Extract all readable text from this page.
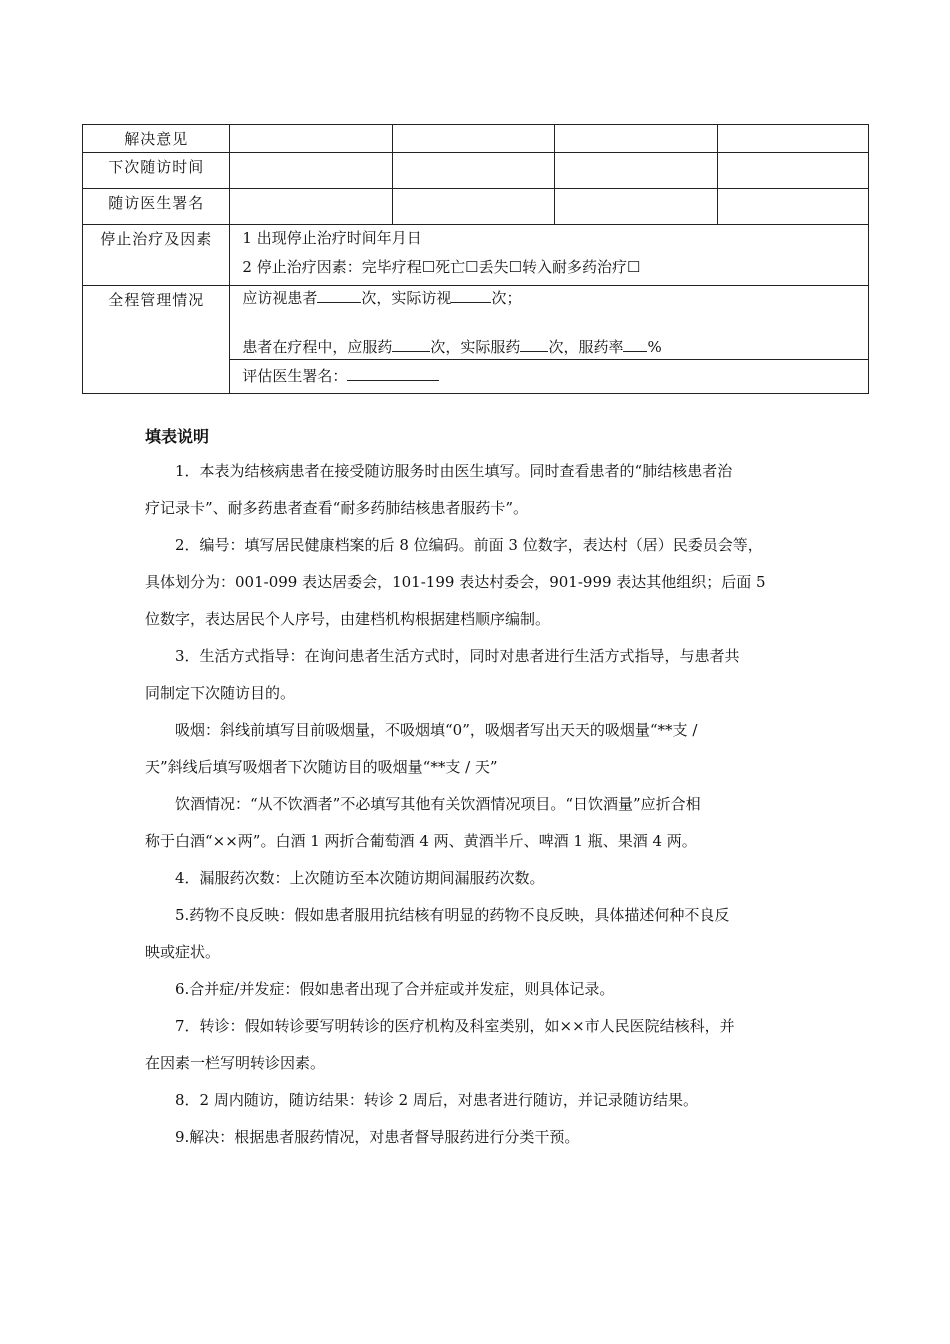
解决意见				

下次随访时间				

随访医生署名				

停止治疗及因素	1 出现停止治疗时间年月日
2 停止治疗因素：完毕疗程☐死亡☐丢失☐转入耐多药治疗☐			

全程管理情况	应访视患者 次，实际访视 次；
患者在疗程中，应服药 次，实际服药 次，服药率 %			

	评估医生署名：			
填表说明

1．本表为结核病患者在接受随访服务时由医生填写。同时查看患者的“肺结核患者治

疗记录卡”、耐多药患者查看“耐多药肺结核患者服药卡”。

2．编号：填写居民健康档案的后 8 位编码。前面 3 位数字，表达村（居）民委员会等，

具体划分为：001-099 表达居委会，101-199 表达村委会，901-999 表达其他组织；后面 5

位数字，表达居民个人序号，由建档机构根据建档顺序编制。

3．生活方式指导：在询问患者生活方式时，同时对患者进行生活方式指导，与患者共

同制定下次随访目的。

吸烟：斜线前填写目前吸烟量，不吸烟填“0”，吸烟者写出天天的吸烟量“**支 /

天”斜线后填写吸烟者下次随访目的吸烟量“**支 / 天”

饮酒情况：“从不饮酒者”不必填写其他有关饮酒情况项目。“日饮酒量”应折合相

称于白酒“××两”。白酒 1 两折合葡萄酒 4 两、黄酒半斤、啤酒 1 瓶、果酒 4 两。

4．漏服药次数：上次随访至本次随访期间漏服药次数。

5.药物不良反映：假如患者服用抗结核有明显的药物不良反映，具体描述何种不良反

映或症状。

6.合并症/并发症：假如患者出现了合并症或并发症，则具体记录。

7．转诊：假如转诊要写明转诊的医疗机构及科室类别，如××市人民医院结核科，并

在因素一栏写明转诊因素。

8．2 周内随访，随访结果：转诊 2 周后，对患者进行随访，并记录随访结果。

9.解决：根据患者服药情况，对患者督导服药进行分类干预。
